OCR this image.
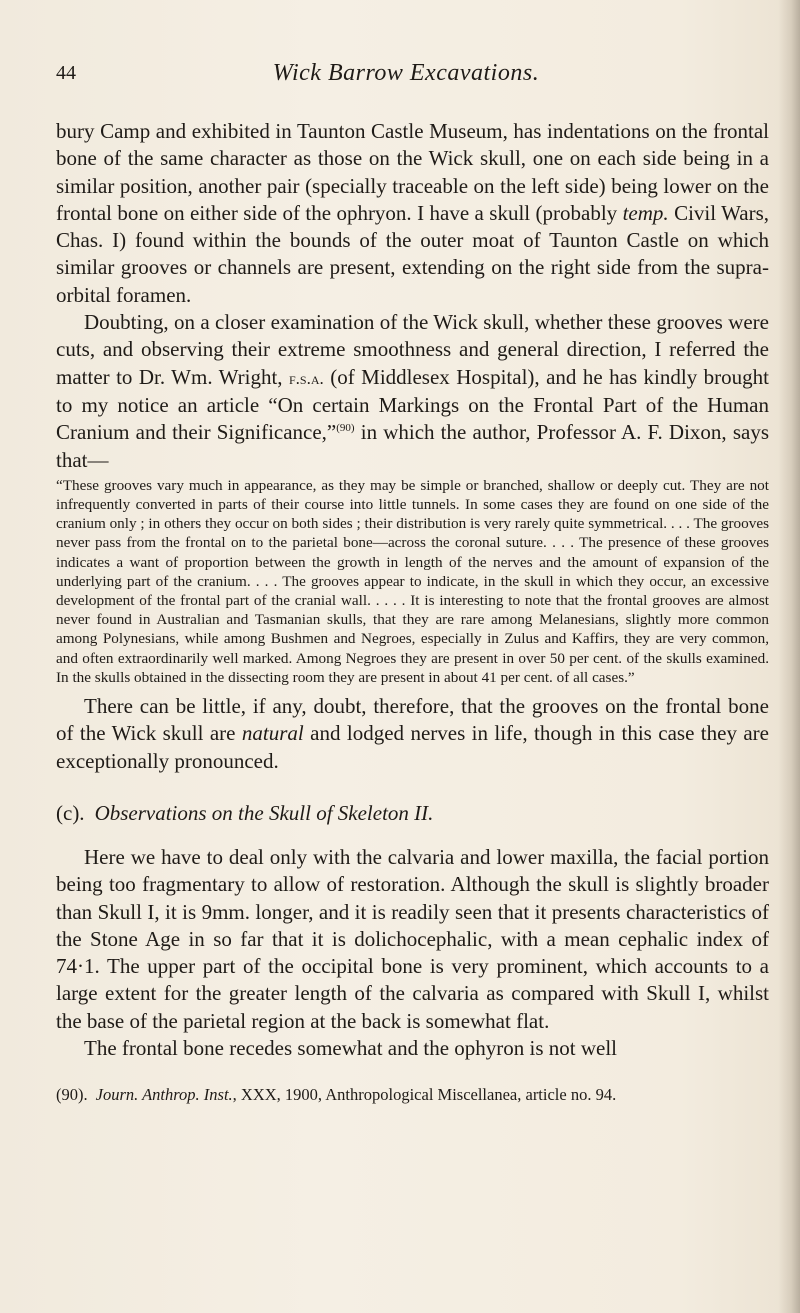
44	Wick Barrow Excavations.

bury Camp and exhibited in Taunton Castle Museum, has indentations on the frontal bone of the same character as those on the Wick skull, one on each side being in a similar position, another pair (specially traceable on the left side) being lower on the frontal bone on either side of the ophryon. I have a skull (probably temp. Civil Wars, Chas. I) found within the bounds of the outer moat of Taunton Castle on which similar grooves or channels are present, extending on the right side from the supra-orbital foramen.

Doubting, on a closer examination of the Wick skull, whether these grooves were cuts, and observing their extreme smoothness and general direction, I referred the matter to Dr. Wm. Wright, f.s.a. (of Middlesex Hospital), and he has kindly brought to my notice an article “On certain Markings on the Frontal Part of the Human Cranium and their Significance,”$^{(90)}$ in which the author, Professor A. F. Dixon, says that—

“These grooves vary much in appearance, as they may be simple or branched, shallow or deeply cut. They are not infrequently converted in parts of their course into little tunnels. In some cases they are found on one side of the cranium only ; in others they occur on both sides ; their distribution is very rarely quite symmetrical. . . . The grooves never pass from the frontal on to the parietal bone—across the coronal suture. . . . The presence of these grooves indicates a want of proportion between the growth in length of the nerves and the amount of expansion of the underlying part of the cranium. . . . The grooves appear to indicate, in the skull in which they occur, an excessive development of the frontal part of the cranial wall. . . . . It is interesting to note that the frontal grooves are almost never found in Australian and Tasmanian skulls, that they are rare among Melanesians, slightly more common among Polynesians, while among Bushmen and Negroes, especially in Zulus and Kaffirs, they are very common, and often extraordinarily well marked. Among Negroes they are present in over 50 per cent. of the skulls examined. In the skulls obtained in the dissecting room they are present in about 41 per cent. of all cases.”

There can be little, if any, doubt, therefore, that the grooves on the frontal bone of the Wick skull are natural and lodged nerves in life, though in this case they are exceptionally pronounced.

(c). Observations on the Skull of Skeleton II.

Here we have to deal only with the calvaria and lower maxilla, the facial portion being too fragmentary to allow of restoration. Although the skull is slightly broader than Skull I, it is 9mm. longer, and it is readily seen that it presents characteristics of the Stone Age in so far that it is dolichocephalic, with a mean cephalic index of 74·1. The upper part of the occipital bone is very prominent, which accounts to a large extent for the greater length of the calvaria as compared with Skull I, whilst the base of the parietal region at the back is somewhat flat.

The frontal bone recedes somewhat and the ophyron is not well

(90). Journ. Anthrop. Inst., XXX, 1900, Anthropological Miscellanea, article no. 94.
